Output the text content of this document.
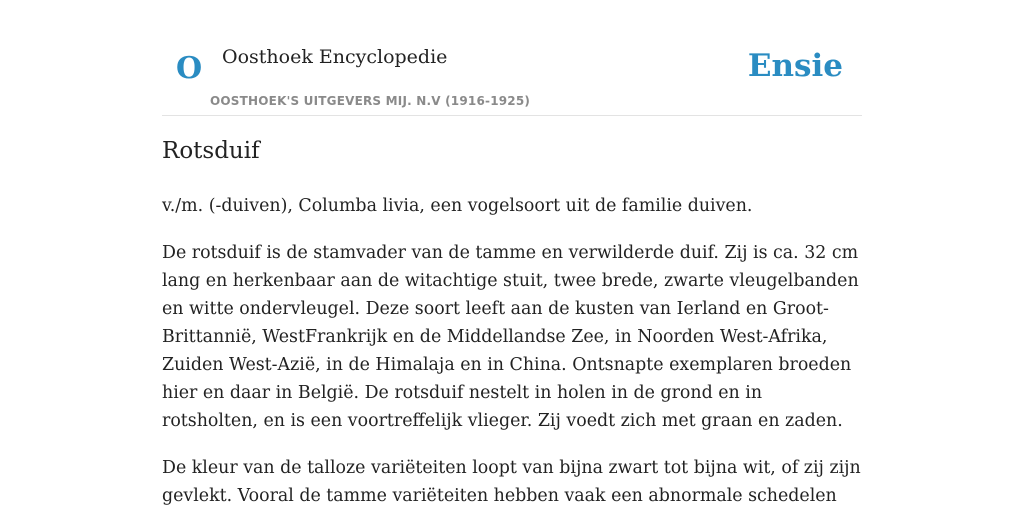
O Oosthoek Encyclopedie
OOSTHOEK'S UITGEVERS MIJ. N.V (1916-1925)
Ensie
Rotsduif

v./m. (-duiven), Columba livia, een vogelsoort uit de familie duiven.

De rotsduif is de stamvader van de tamme en verwilderde duif. Zij is ca. 32 cm lang en herkenbaar aan de witachtige stuit, twee brede, zwarte vleugelbanden en witte ondervleugel. Deze soort leeft aan de kusten van Ierland en Groot-Brittannië, WestFrankrijk en de Middellandse Zee, in Noorden West-Afrika, Zuiden West-Azië, in de Himalaja en in China. Ontsnapte exemplaren broeden hier en daar in België. De rotsduif nestelt in holen in de grond en in rotsholten, en is een voortreffelijk vlieger. Zij voedt zich met graan en zaden.

De kleur van de talloze variëteiten loopt van bijna zwart tot bijna wit, of zij zijn gevlekt. Vooral de tamme variëteiten hebben vaak een abnormale schedelen
